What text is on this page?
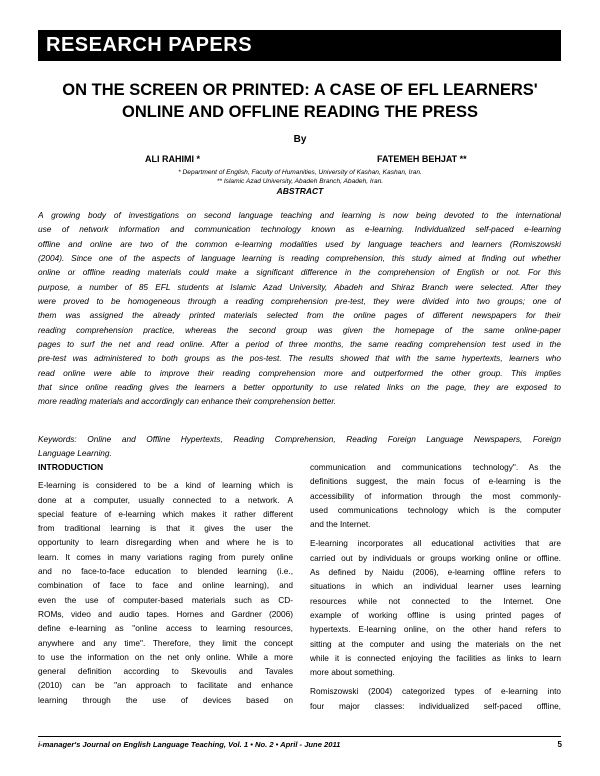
RESEARCH PAPERS
ON THE SCREEN OR PRINTED: A CASE OF EFL LEARNERS'
ONLINE AND OFFLINE READING THE PRESS
By
ALI RAHIMI *	FATEMEH BEHJAT **
* Department of English, Faculty of Humanities, University of Kashan, Kashan, Iran.
** Islamic Azad University, Abadeh Branch, Abadeh, Iran.
ABSTRACT
A growing body of investigations on second language teaching and learning is now being devoted to the international
use of network information and communication technology known as e-learning. Individualized self-paced e-learning
offline and online are two of the common e-learning modalities used by language teachers and learners (Romiszowski
(2004). Since one of the aspects of language learning is reading comprehension, this study aimed at finding out whether
online or offline reading materials could make a significant difference in the comprehension of English or not. For this
purpose, a number of 85 EFL students at Islamic Azad University, Abadeh and Shiraz Branch were selected. After they
were proved to be homogeneous through a reading comprehension pre-test, they were divided into two groups; one of
them was assigned the already printed materials selected from the online pages of different newspapers for their
reading comprehension practice, whereas the second group was given the homepage of the same online-paper
pages to surf the net and read online. After a period of three months, the same reading comprehension test used in the
pre-test was administered to both groups as the pos-test. The results showed that with the same hypertexts, learners who
read online were able to improve their reading comprehension more and outperformed the other group. This implies
that since online reading gives the learners a better opportunity to use related links on the page, they are exposed to
more reading materials and accordingly can enhance their comprehension better.
Keywords: Online and Offline Hypertexts, Reading Comprehension, Reading Foreign Language Newspapers, Foreign
Language Learning.
INTRODUCTION
E-learning is considered to be a kind of learning which is
done at a computer, usually connected to a network. A
special feature of e-learning which makes it rather different
from traditional learning is that it gives the user the
opportunity to learn disregarding when and where he is to
learn. It comes in many variations raging from purely online
and no face-to-face education to blended learning (i.e.,
combination of face to face and online learning), and
even the use of computer-based materials such as CD-
ROMs, video and audio tapes. Hornes and Gardner (2006)
define e-learning as "online access to learning resources,
anywhere and any time". Therefore, they limit the concept
to use the information on the net only online. While a more
general definition according to Skevoulis and Tavales
(2010) can be "an approach to facilitate and enhance
learning through the use of devices based on
communication and communications technology". As the
definitions suggest, the main focus of e-learning is the
accessibility of information through the most commonly-
used communications technology which is the computer
and the Internet.
E-learning incorporates all educational activities that are
carried out by individuals or groups working online or offline.
As defined by Naidu (2006), e-learning offline refers to
situations in which an individual learner uses learning
resources while not connected to the Internet. One
example of working offline is using printed pages of
hypertexts. E-learning online, on the other hand refers to
sitting at the computer and using the materials on the net
while it is connected enjoying the facilities as links to learn
more about something.
Romiszowski (2004) categorized types of e-learning into
four major classes: individualized self-paced offline,
i-manager's Journal on English Language Teaching, Vol. 1 • No. 2 • April - June 2011	5
